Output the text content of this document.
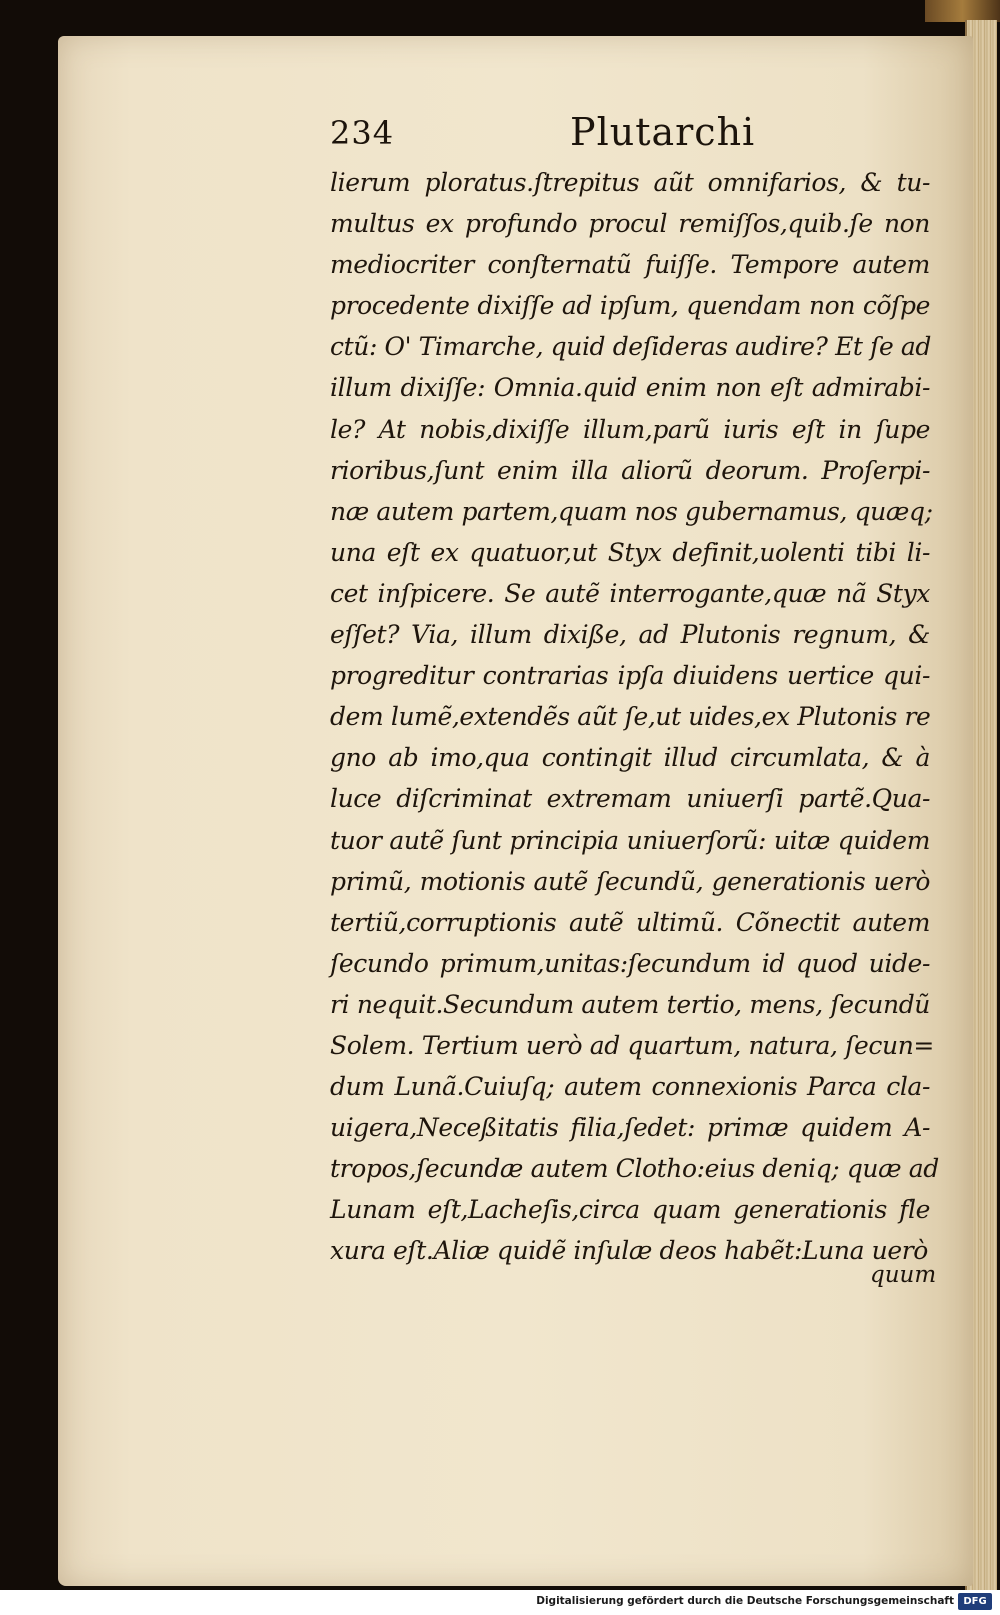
234	Plutarchi
lierum ploratus.ſtrepitus aũt omnifarios, & tu-
multus ex profundo procul remiſſos,quib.ſe non
mediocriter conſternatũ fuiſſe. Tempore autem
procedente dixiſſe ad ipſum, quendam non cõſpe
ctũ: O' Timarche, quid deſideras audire? Et ſe ad
illum dixiſſe: Omnia.quid enim non eſt admirabi-
le? At nobis,dixiſſe illum,parũ iuris eſt in ſupe
rioribus,ſunt enim illa aliorũ deorum. Proſerpi-
næ autem partem,quam nos gubernamus, quæq;
una eſt ex quatuor,ut Styx definit,uolenti tibi li-
cet inſpicere. Se autẽ interrogante,quæ nã Styx
eſſet? Via, illum dixiße, ad Plutonis regnum, &
progreditur contrarias ipſa diuidens uertice qui-
dem lumẽ,extendẽs aũt ſe,ut uides,ex Plutonis re
gno ab imo,qua contingit illud circumlata, & à
luce diſcriminat extremam uniuerſi partẽ.Qua-
tuor autẽ ſunt principia uniuerſorũ: uitæ quidem
primũ, motionis autẽ ſecundũ, generationis uerò
tertiũ,corruptionis autẽ ultimũ. Cõnectit autem
ſecundo primum,unitas:ſecundum id quod uide-
ri nequit.Secundum autem tertio, mens, ſecundũ
Solem. Tertium uerò ad quartum, natura, ſecun=
dum Lunã.Cuiuſq; autem connexionis Parca cla-
uigera,Neceßitatis filia,ſedet: primæ quidem A-
tropos,ſecundæ autem Clotho:eius deniq; quæ ad
Lunam eſt,Lacheſis,circa quam generationis fle
xura eſt.Aliæ quidẽ inſulæ deos habẽt:Luna uerò
quum
Digitalisierung gefördert durch die Deutsche Forschungsgemeinschaft DFG
